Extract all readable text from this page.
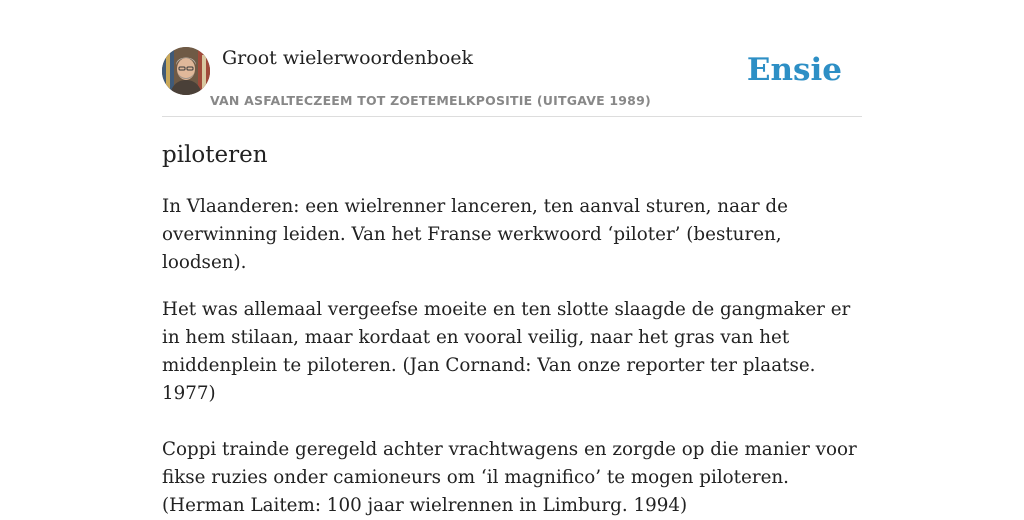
Groot wielerwoordenboek
VAN ASFALTECZEEM TOT ZOETEMELKPOSITIE (UITGAVE 1989)
Ensie
piloteren

In Vlaanderen: een wielrenner lanceren, ten aanval sturen, naar de overwinning leiden. Van het Franse werkwoord ‘piloter’ (besturen, loodsen).

Het was allemaal vergeefse moeite en ten slotte slaagde de gangmaker er in hem stilaan, maar kordaat en vooral veilig, naar het gras van het middenplein te piloteren. (Jan Cornand: Van onze reporter ter plaatse. 1977)

Coppi trainde geregeld achter vrachtwagens en zorgde op die manier voor fikse ruzies onder camioneurs om ‘il magnifico’ te mogen piloteren. (Herman Laitem: 100 jaar wielrennen in Limburg. 1994)
